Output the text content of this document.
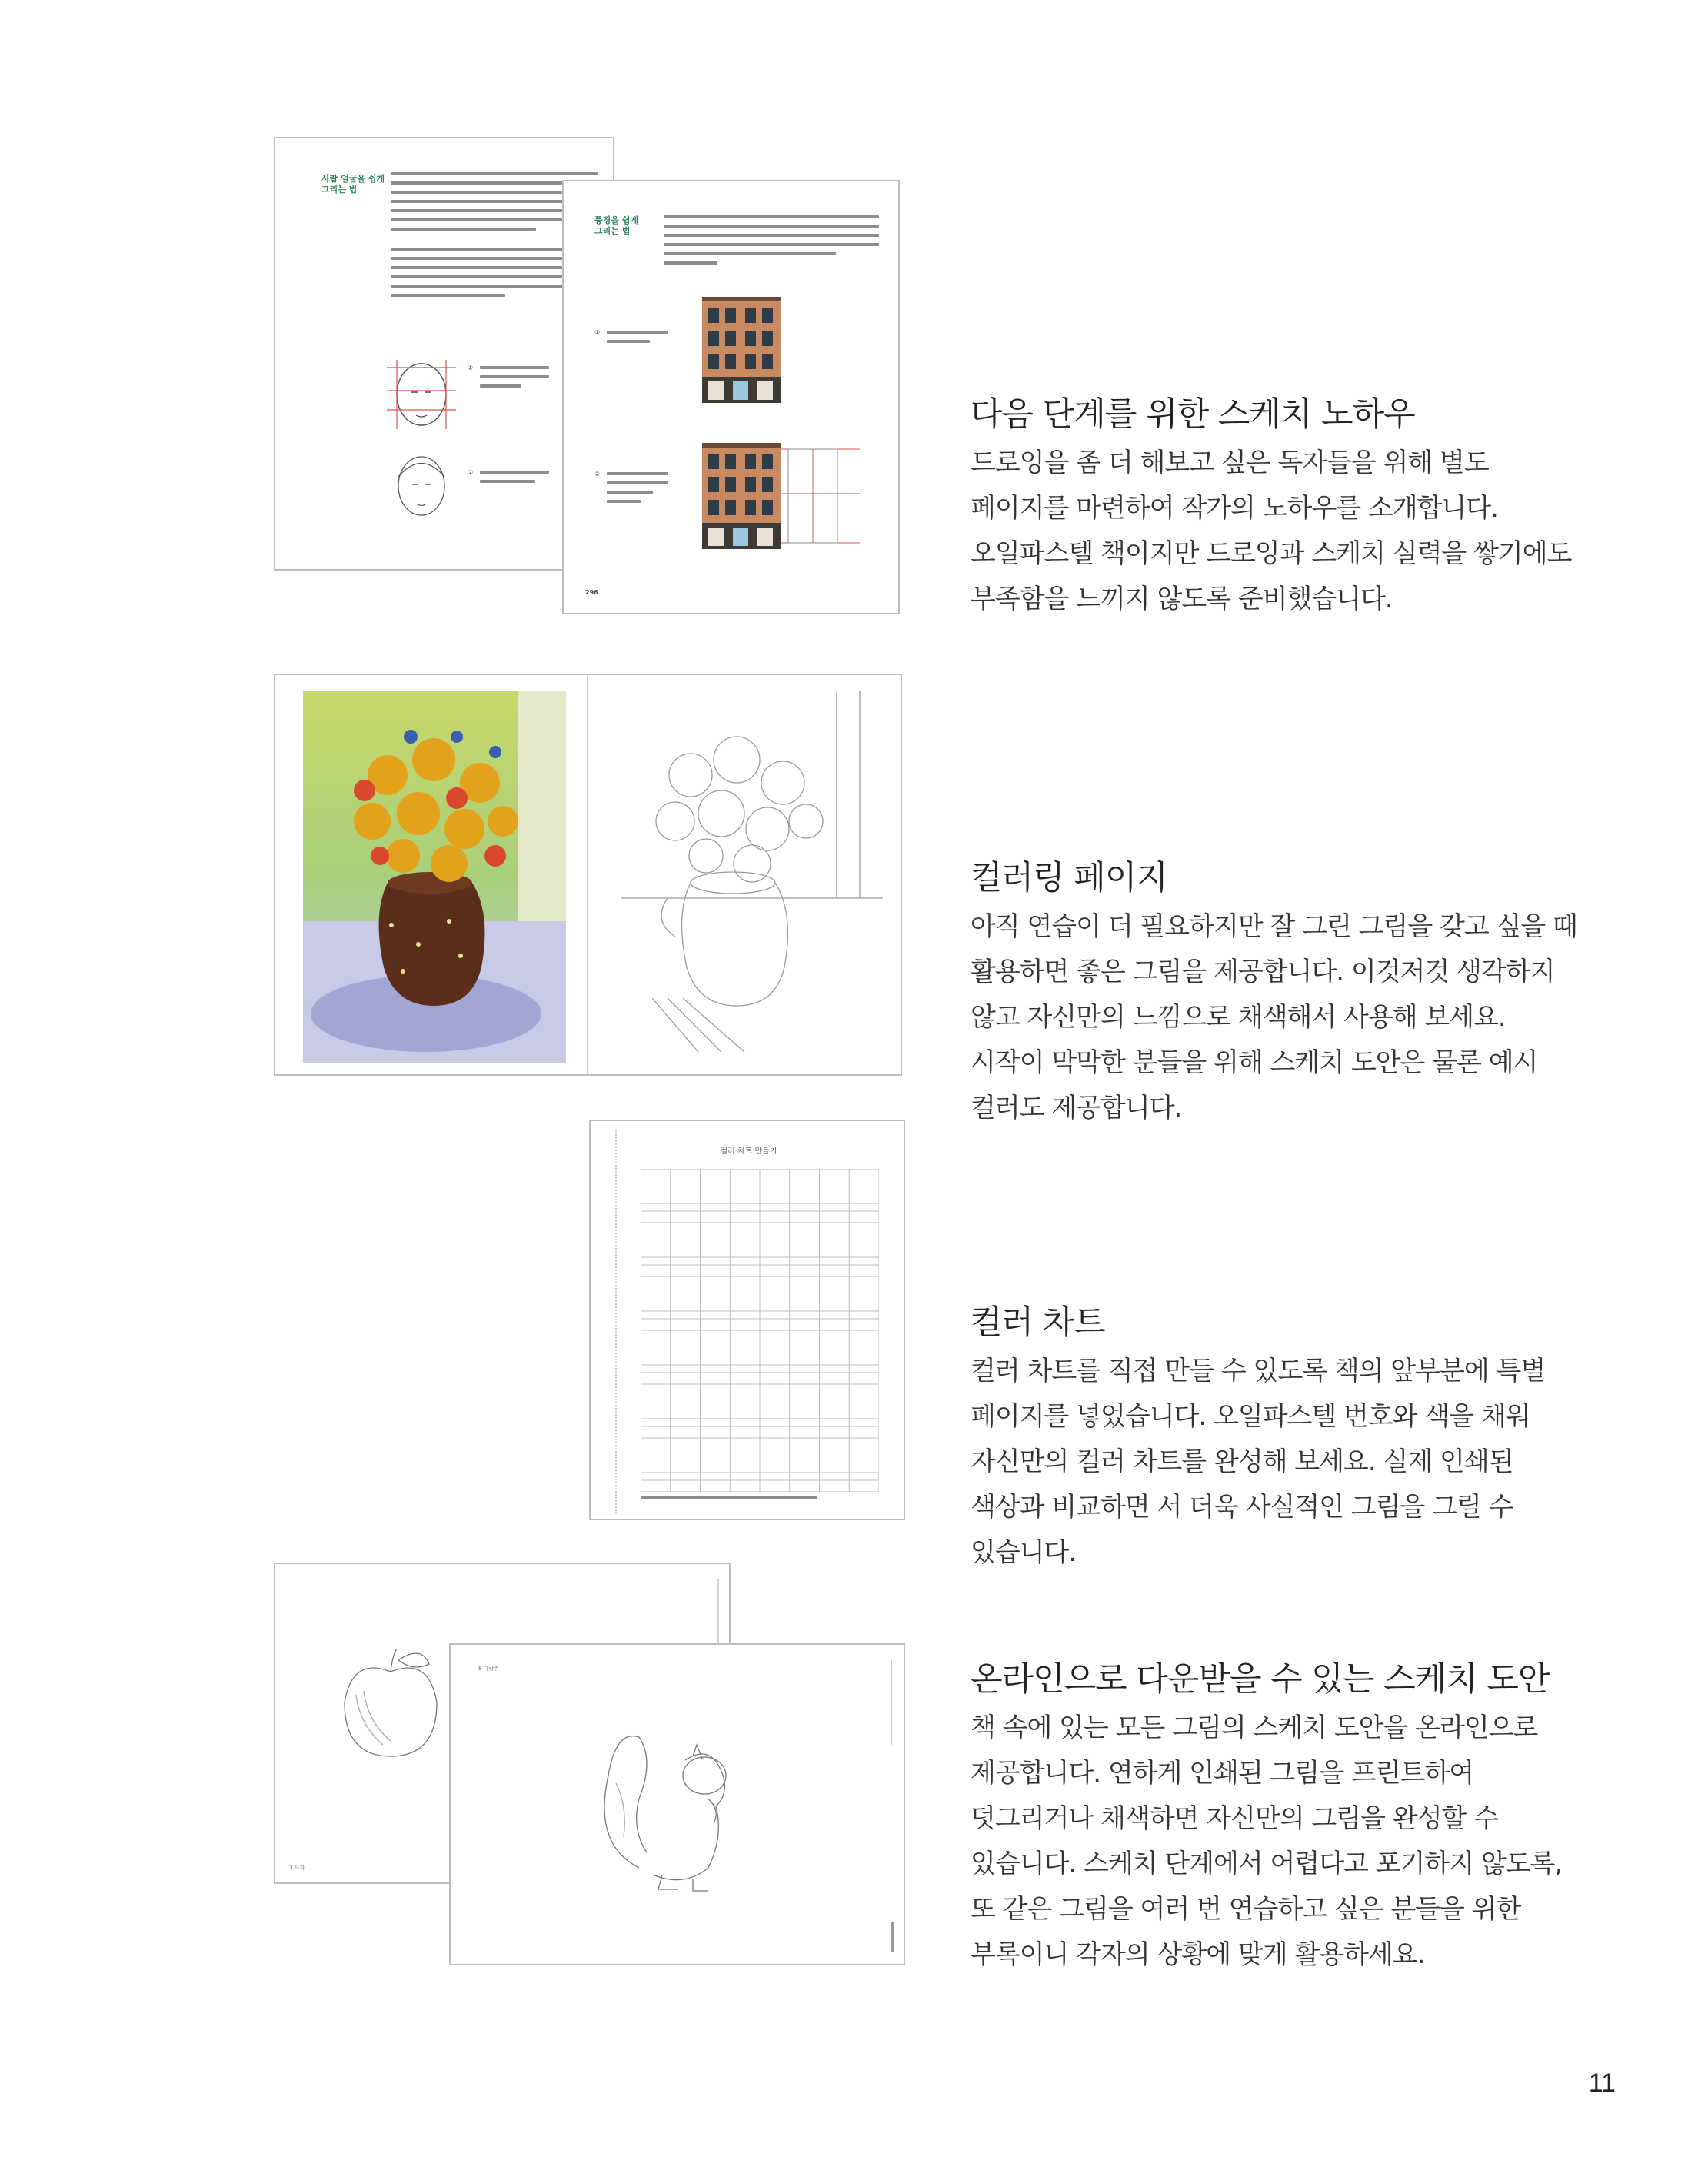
사람 얼굴을 쉽게
그리는 법
①
②
풍경을 쉽게
그리는 법
①
②
296
다음 단계를 위한 스케치 노하우

드로잉을 좀 더 해보고 싶은 독자들을 위해 별도 페이지를 마련하여 작가의 노하우를 소개합니다. 오일파스텔 책이지만 드로잉과 스케치 실력을 쌓기에도 부족함을 느끼지 않도록 준비했습니다.

컬러링 페이지

아직 연습이 더 필요하지만 잘 그린 그림을 갖고 싶을 때 활용하면 좋은 그림을 제공합니다. 이것저것 생각하지 않고 자신만의 느낌으로 채색해서 사용해 보세요. 시작이 막막한 분들을 위해 스케치 도안은 물론 예시 컬러도 제공합니다.

컬러 차트 만들기
컬러 차트

컬러 차트를 직접 만들 수 있도록 책의 앞부분에 특별 페이지를 넣었습니다. 오일파스텔 번호와 색을 채워 자신만의 컬러 차트를 완성해 보세요. 실제 인쇄된 색상과 비교하면 서 더욱 사실적인 그림을 그릴 수 있습니다.

3 사과
8 다람쥐	온라인으로 다운받을 수 있는 스케치 도안

책 속에 있는 모든 그림의 스케치 도안을 온라인으로 제공합니다. 연하게 인쇄된 그림을 프린트하여 덧그리거나 채색하면 자신만의 그림을 완성할 수 있습니다. 스케치 단계에서 어렵다고 포기하지 않도록, 또 같은 그림을 여러 번 연습하고 싶은 분들을 위한 부록이니 각자의 상황에 맞게 활용하세요.

11
